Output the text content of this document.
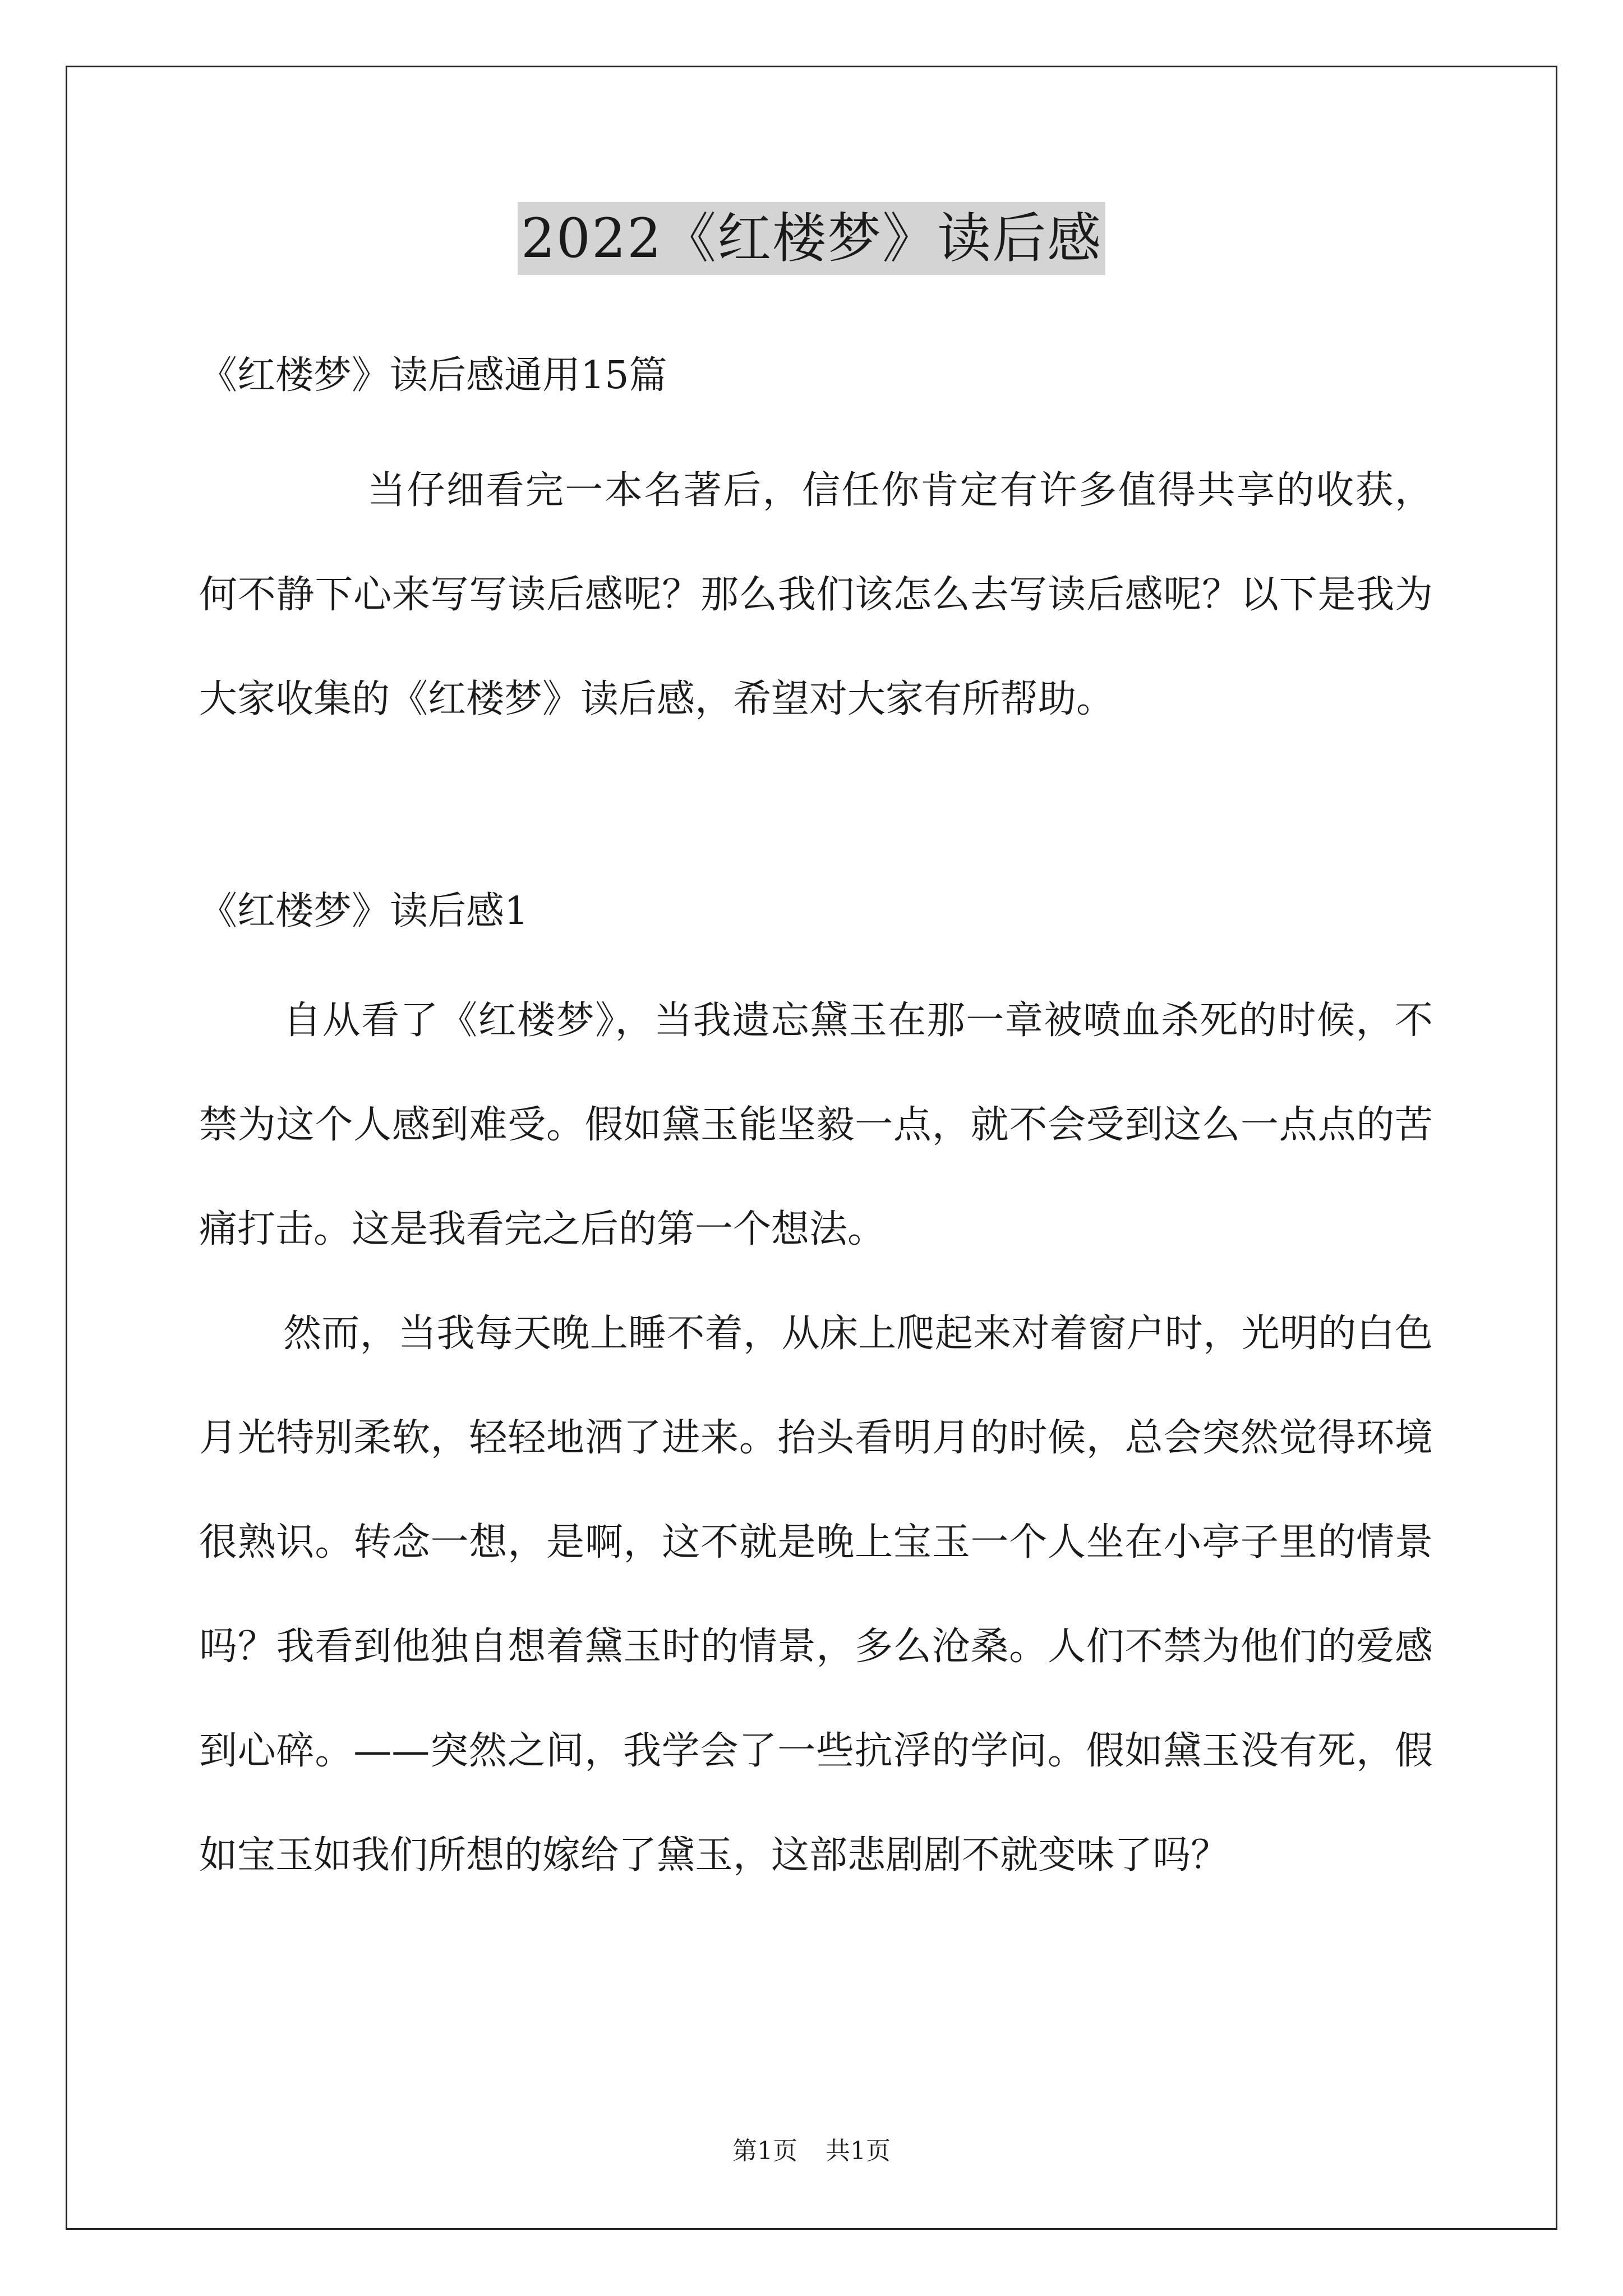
2022《红楼梦》读后感
《红楼梦》读后感通用15篇

当仔细看完一本名著后，信任你肯定有许多值得共享的收获，何不静下心来写写读后感呢？那么我们该怎么去写读后感呢？以下是我为大家收集的《红楼梦》读后感，希望对大家有所帮助。

《红楼梦》读后感1

自从看了《红楼梦》，当我遗忘黛玉在那一章被喷血杀死的时候，不禁为这个人感到难受。假如黛玉能坚毅一点，就不会受到这么一点点的苦痛打击。这是我看完之后的第一个想法。

然而，当我每天晚上睡不着，从床上爬起来对着窗户时，光明的白色月光特别柔软，轻轻地洒了进来。抬头看明月的时候，总会突然觉得环境很熟识。转念一想，是啊，这不就是晚上宝玉一个人坐在小亭子里的情景吗？我看到他独自想着黛玉时的情景，多么沧桑。人们不禁为他们的爱感到心碎。——突然之间，我学会了一些抗浮的学问。假如黛玉没有死，假如宝玉如我们所想的嫁给了黛玉，这部悲剧剧不就变味了吗？

第1页 共1页
